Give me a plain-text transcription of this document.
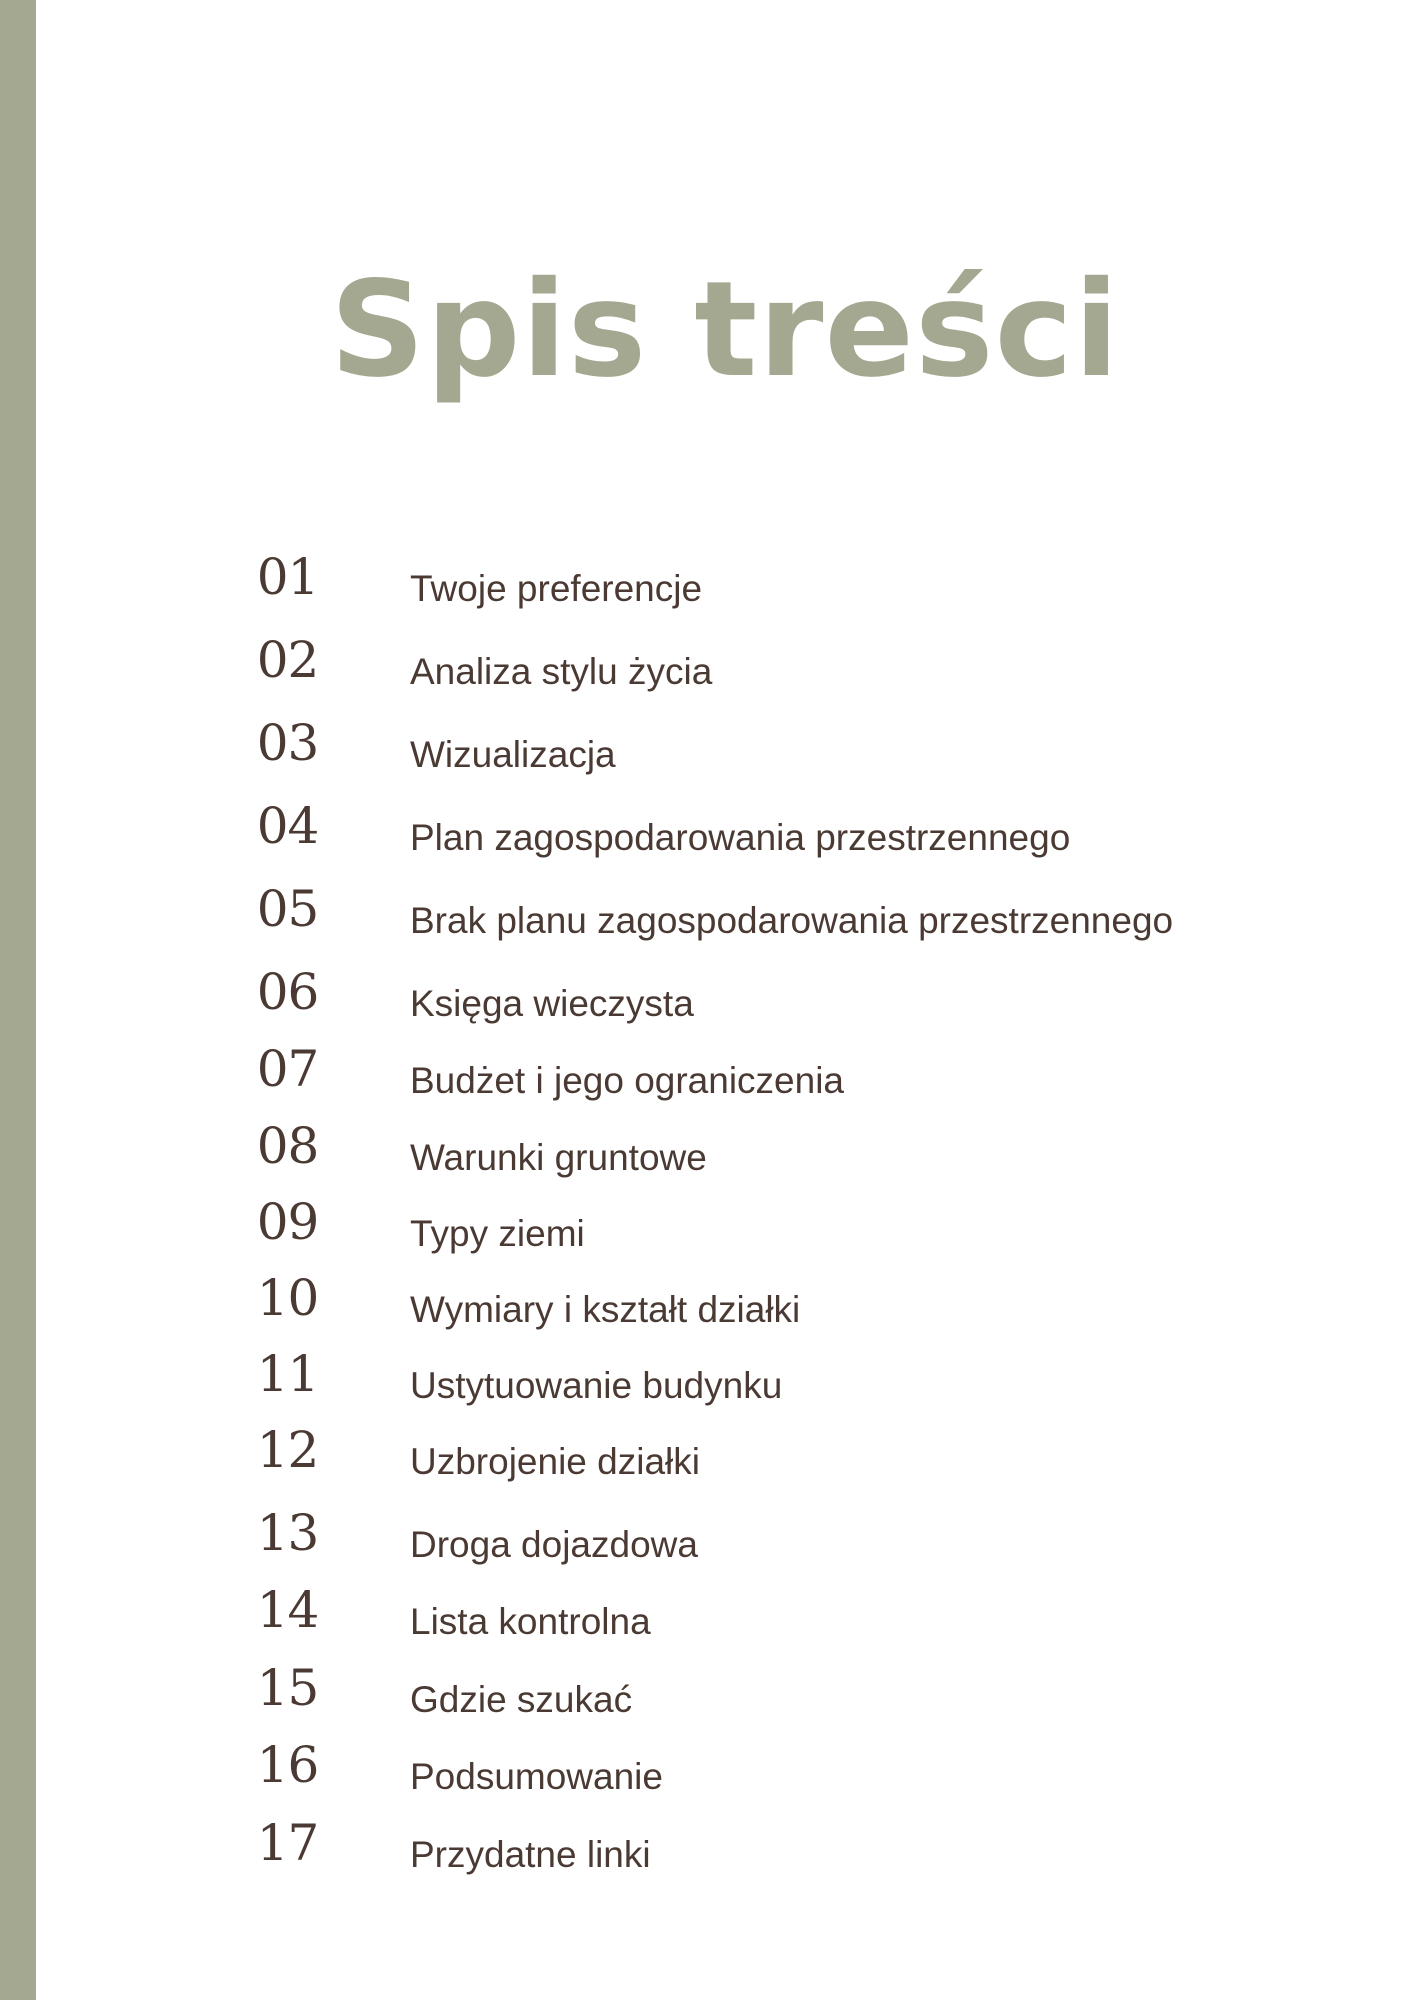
Spis treści
01	Twoje preferencje
02	Analiza stylu życia
03	Wizualizacja
04	Plan zagospodarowania przestrzennego
05	Brak planu zagospodarowania przestrzennego
06	Księga wieczysta
07	Budżet i jego ograniczenia
08	Warunki gruntowe
09	Typy ziemi
10	Wymiary i kształt działki
11	Ustytuowanie budynku
12	Uzbrojenie działki
13	Droga dojazdowa
14	Lista kontrolna
15	Gdzie szukać
16	Podsumowanie
17	Przydatne linki
